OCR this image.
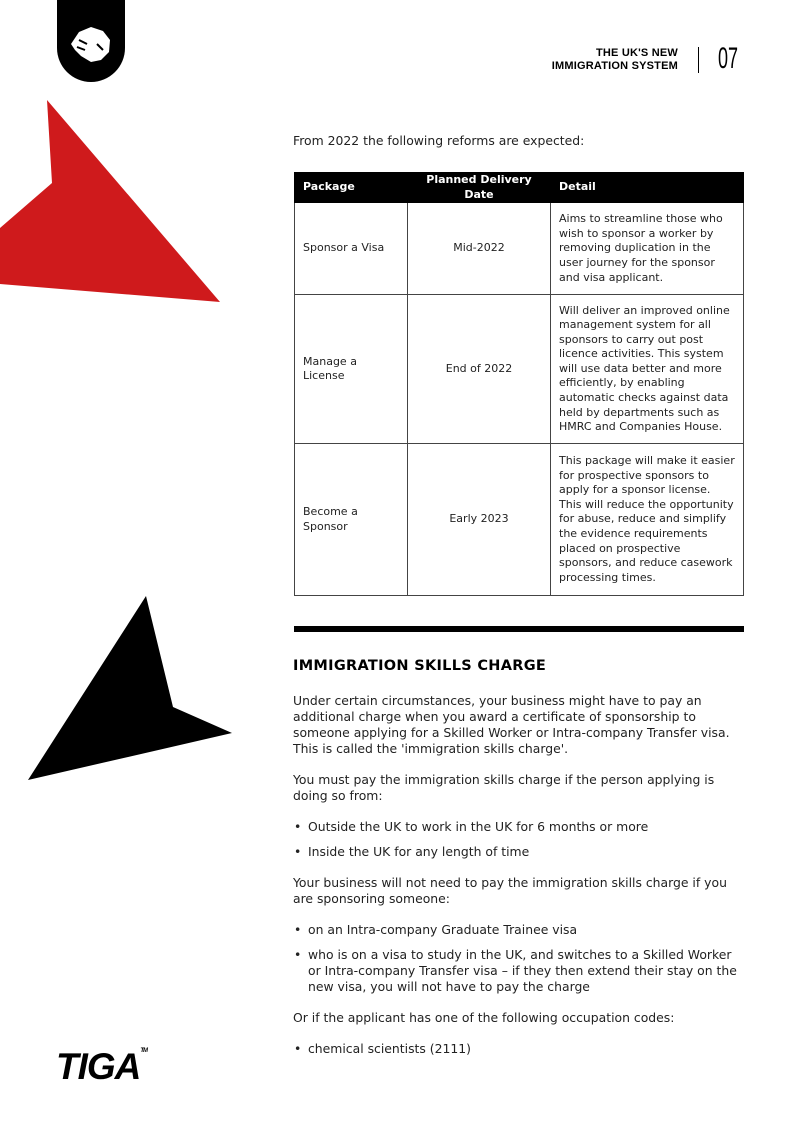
THE UK'S NEW
IMMIGRATION SYSTEM 07
From 2022 the following reforms are expected:
Package	Planned Delivery Date	Detail
Sponsor a Visa	Mid-2022	Aims to streamline those who wish to sponsor a worker by removing duplication in the user journey for the sponsor and visa applicant.
Manage a License	End of 2022	Will deliver an improved online management system for all sponsors to carry out post licence activities. This system will use data better and more efficiently, by enabling automatic checks against data held by departments such as HMRC and Companies House.
Become a Sponsor	Early 2023	This package will make it easier for prospective sponsors to apply for a sponsor license. This will reduce the opportunity for abuse, reduce and simplify the evidence requirements placed on prospective sponsors, and reduce casework processing times.
IMMIGRATION SKILLS CHARGE

Under certain circumstances, your business might have to pay an additional charge when you award a certificate of sponsorship to someone applying for a Skilled Worker or Intra-company Transfer visa. This is called the 'immigration skills charge'.

You must pay the immigration skills charge if the person applying is doing so from:

• Outside the UK to work in the UK for 6 months or more
• Inside the UK for any length of time

Your business will not need to pay the immigration skills charge if you are sponsoring someone:

• on an Intra-company Graduate Trainee visa
• who is on a visa to study in the UK, and switches to a Skilled Worker or Intra-company Transfer visa – if they then extend their stay on the new visa, you will not have to pay the charge

Or if the applicant has one of the following occupation codes:

• chemical scientists (2111)
TIGA™
